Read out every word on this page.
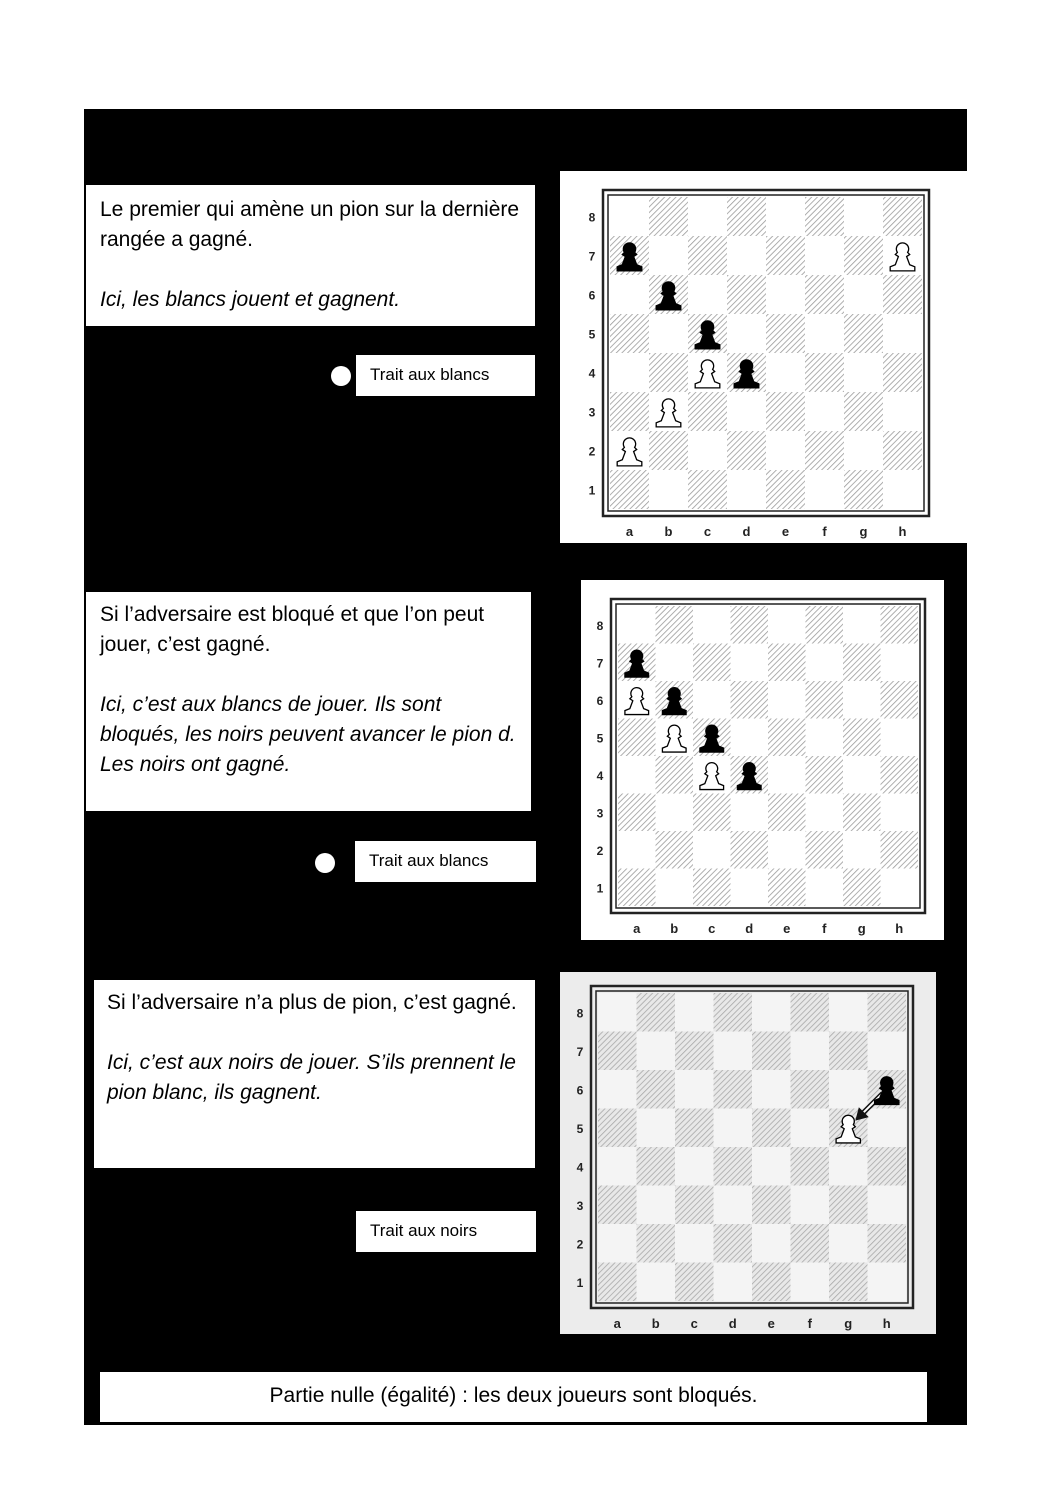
Le premier qui amène un pion sur la dernière rangée a gagné.

Ici, les blancs jouent et gagnent.

Trait aux blancs
1
2
3
4
5
6
7
8
a b c d e	f	g h

Si l’adversaire est bloqué et que l’on peut jouer, c’est gagné.

Ici, c’est aux blancs de jouer. Ils sont bloqués, les noirs peuvent avancer le pion d. Les noirs ont gagné.

Trait aux blancs
1
2
3
4
5
6
7
8
a b c d e f g h

Si l’adversaire n’a plus de pion, c’est gagné.

Ici, c’est aux noirs de jouer. S’ils prennent le pion blanc, ils gagnent.

Trait aux noirs
1
2
3
4
5
6
7
8
a b c d e	f g h
Partie nulle (égalité) : les deux joueurs sont bloqués.
